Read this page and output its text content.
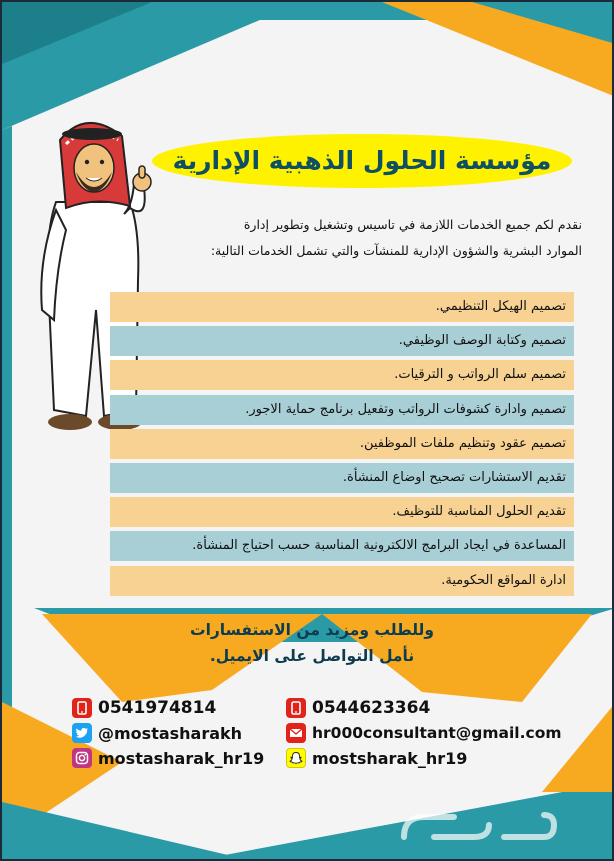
مؤسسة الحلول الذهبية الإدارية
نقدم لكم جميع الخدمات اللازمة في تاسيس وتشغيل وتطوير إدارة
الموارد البشرية والشؤون الإدارية للمنشآت والتي تشمل الخدمات التالية:
تصميم الهيكل التنظيمي.
تصميم وكتابة الوصف الوظيفي.
تصميم سلم الرواتب و الترقيات.
تصميم وادارة كشوفات الرواتب وتفعيل برنامج حماية الاجور.
تصميم عقود وتنظيم ملفات الموظفين.
تقديم الاستشارات تصحيح اوضاع المنشأة.
تقديم الحلول المناسبة للتوظيف.
المساعدة في ايجاد البرامج الالكترونية المناسبة حسب احتياج المنشأة.
ادارة المواقع الحكومية.
وللطلب ومزيد من الاستفسارات
نأمل التواصل على الايميل.
0541974814	0544623364
@mostasharakh	hr000consultant@gmail.com
mostasharak_hr19	mostsharak_hr19
